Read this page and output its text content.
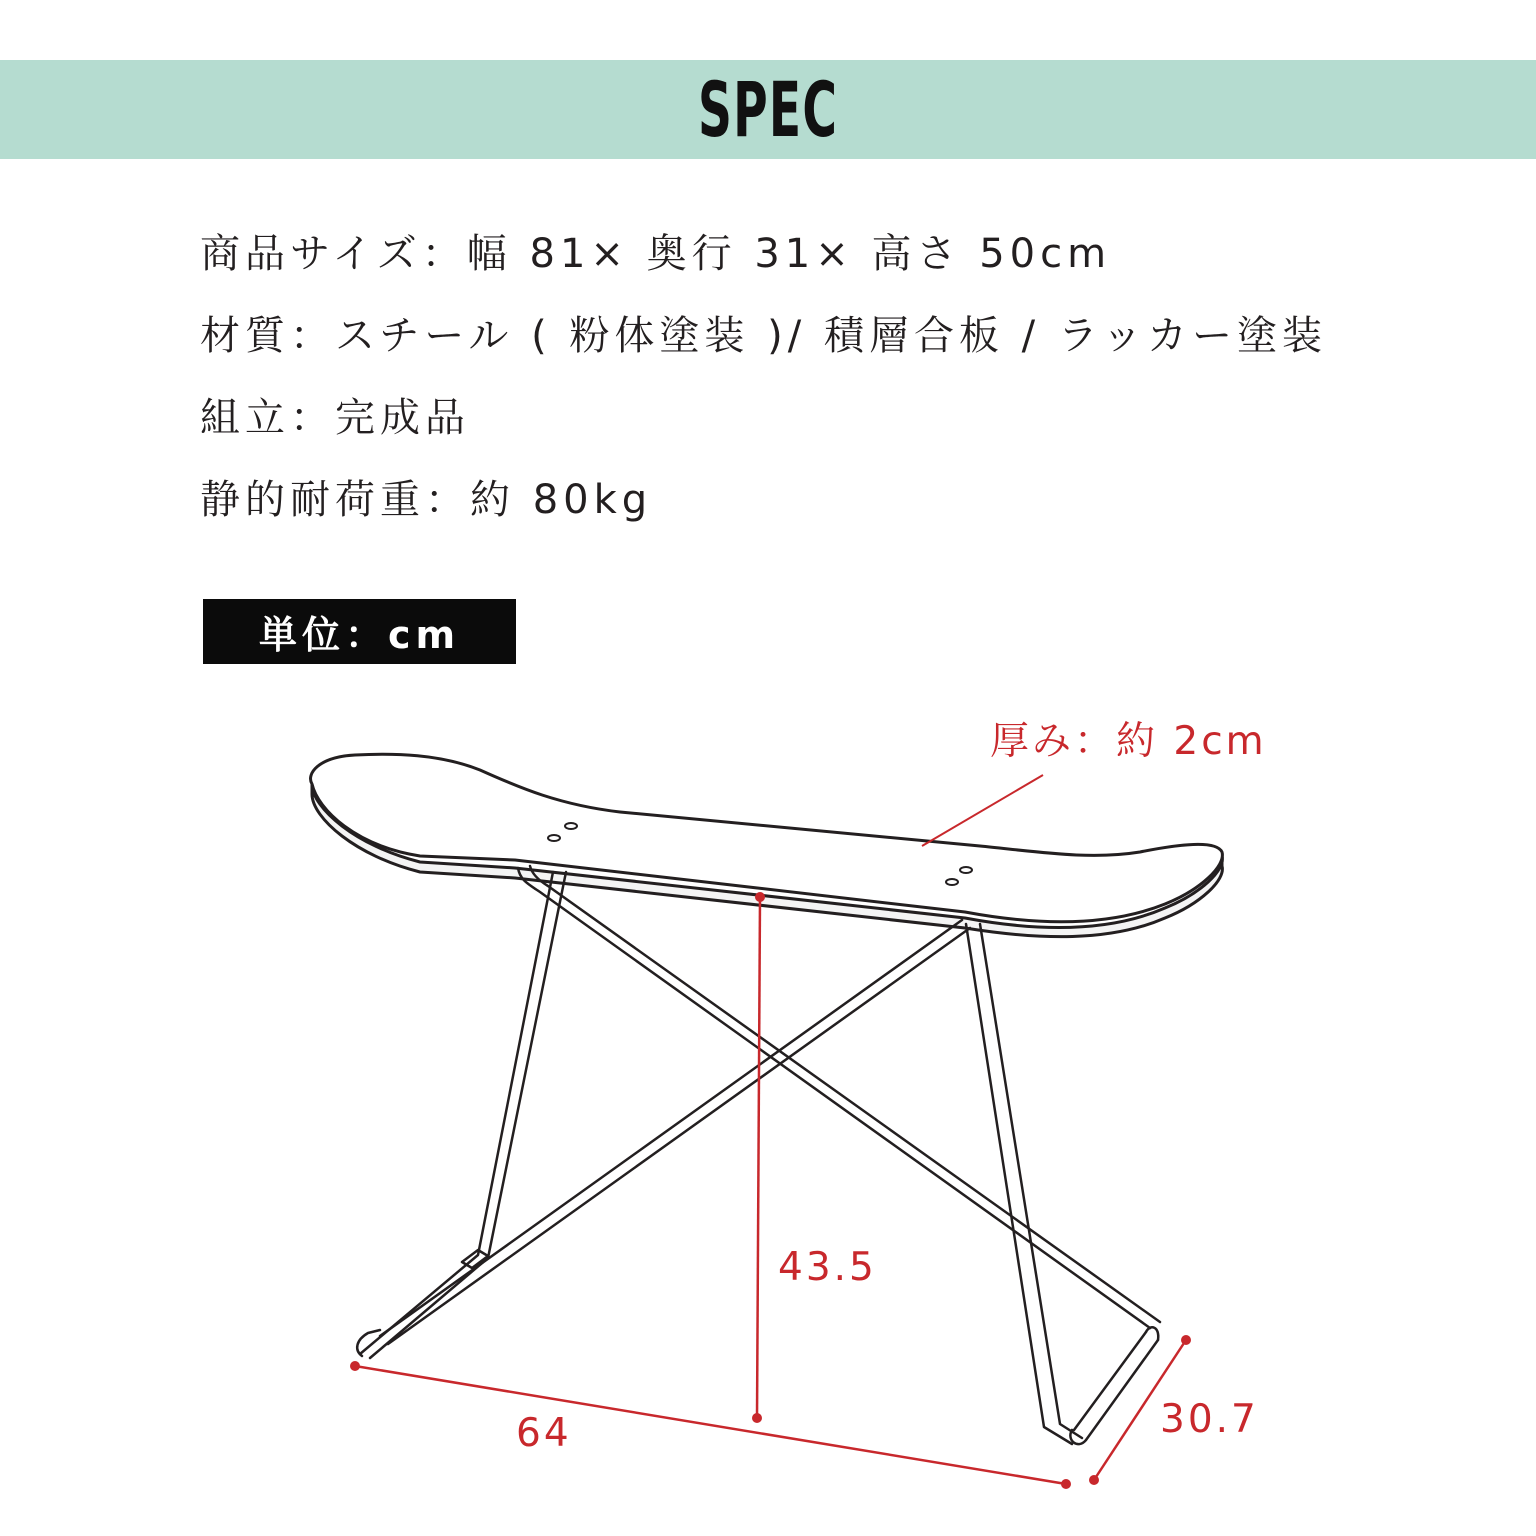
SPEC
商品サイズ：幅 81× 奥行 31× 高さ 50cm
材質：スチール ( 粉体塗装 )/ 積層合板 / ラッカー塗装
組立：完成品
静的耐荷重：約 80kg
単位：cm
厚み：約 2cm
43.5
64	30.7
